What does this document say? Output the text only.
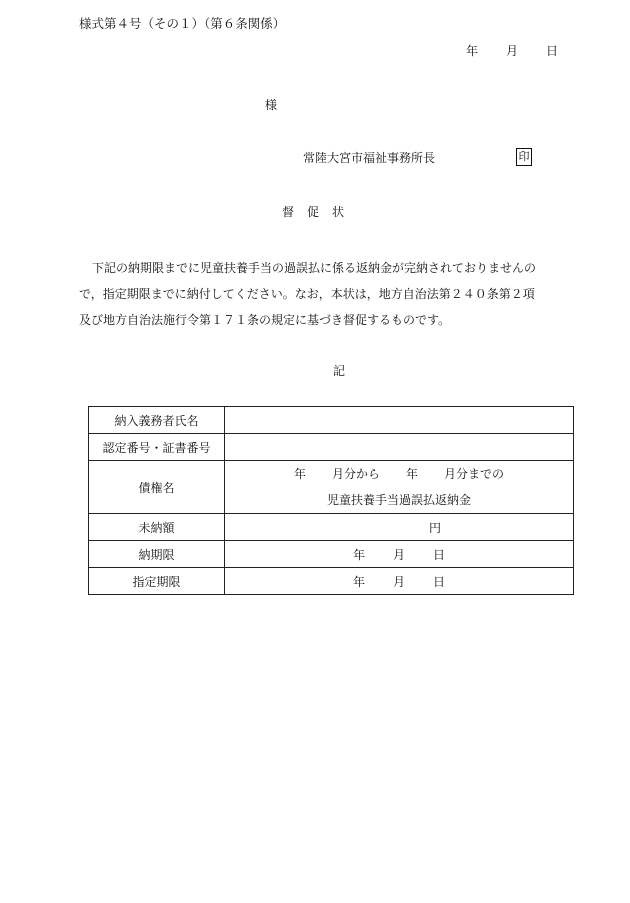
様式第４号（その１）（第６条関係）
年 月 日
様
常陸大宮市福祉事務所長	印
督促状

下記の納期限までに児童扶養手当の過誤払に係る返納金が完納されておりませんの

で，指定期限までに納付してください。なお，本状は，地方自治法第２４０条第２項

及び地方自治法施行令第１７１条の規定に基づき督促するものです。

記
納入義務者氏名	
認定番号・証書番号	
債権名	年 月分から 年 月分までの
児童扶養手当過誤払返納金

未納額	円
納期限	年 月 日
指定期限	年 月 日
